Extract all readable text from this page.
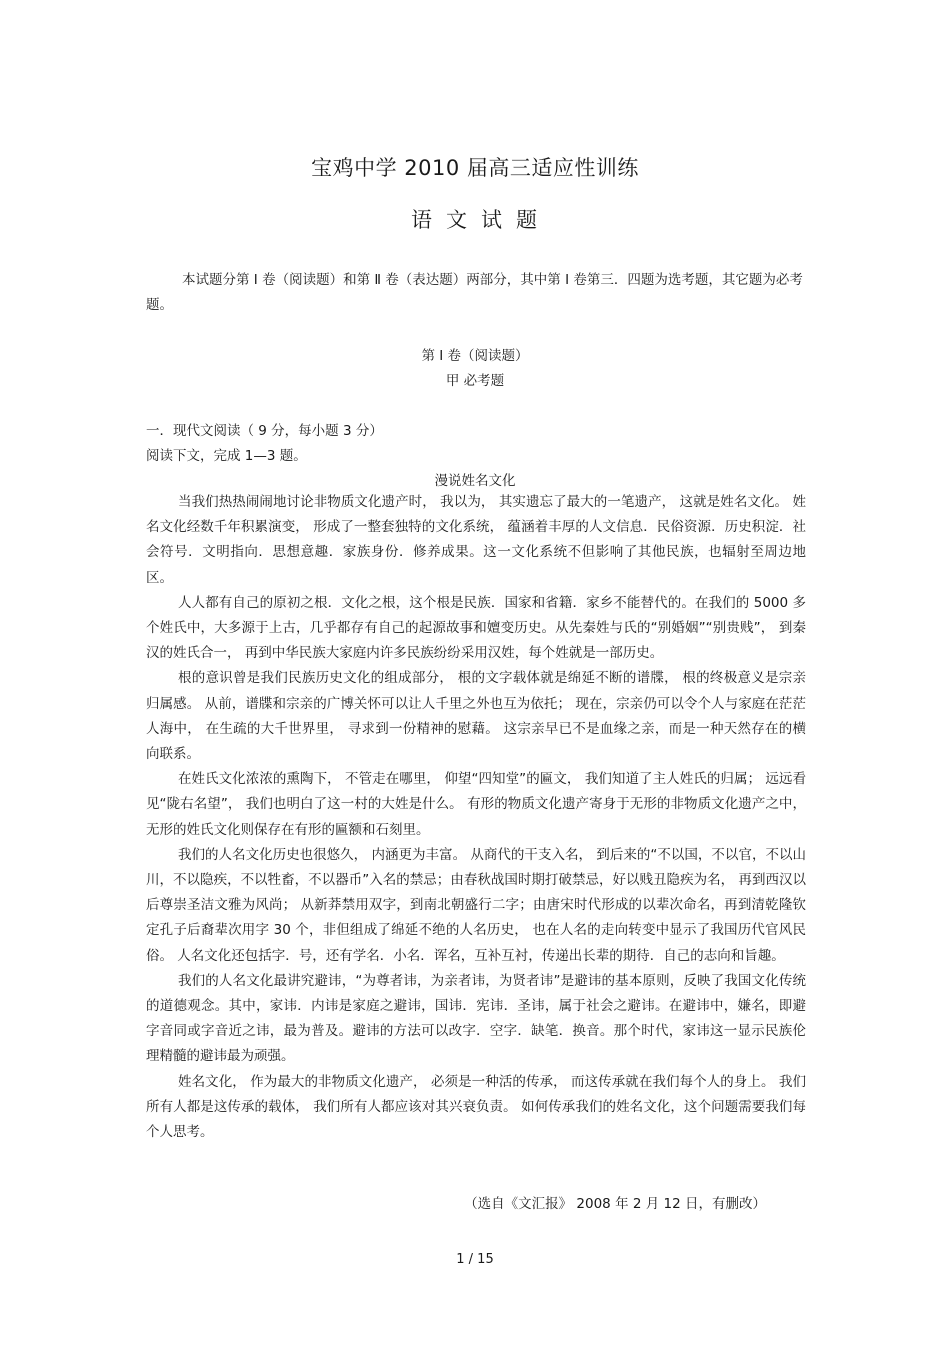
宝鸡中学 2010 届高三适应性训练
语文试题
本试题分第 Ⅰ 卷（阅读题）和第 Ⅱ 卷（表达题）两部分，其中第 Ⅰ 卷第三．四题为选考题，其它题为必考题。
第 Ⅰ 卷（阅读题）
甲 必考题
一．现代文阅读（ 9 分，每小题 3 分）
阅读下文，完成 1—3 题。
漫说姓名文化

当我们热热闹闹地讨论非物质文化遗产时， 我以为， 其实遗忘了最大的一笔遗产， 这就是姓名文化。 姓名文化经数千年积累演变， 形成了一整套独特的文化系统， 蕴涵着丰厚的人文信息．民俗资源．历史积淀．社会符号．文明指向．思想意趣．家族身份．修养成果。这一文化系统不但影响了其他民族，也辐射至周边地区。

人人都有自己的原初之根．文化之根，这个根是民族．国家和省籍．家乡不能替代的。在我们的 5000 多个姓氏中，大多源于上古，几乎都存有自己的起源故事和嬗变历史。从先秦姓与氏的“别婚姻”“别贵贱”， 到秦汉的姓氏合一， 再到中华民族大家庭内许多民族纷纷采用汉姓，每个姓就是一部历史。

根的意识曾是我们民族历史文化的组成部分， 根的文字载体就是绵延不断的谱牒， 根的终极意义是宗亲归属感。 从前，谱牒和宗亲的广博关怀可以让人千里之外也互为依托； 现在，宗亲仍可以令个人与家庭在茫茫人海中， 在生疏的大千世界里， 寻求到一份精神的慰藉。 这宗亲早已不是血缘之亲，而是一种天然存在的横向联系。

在姓氏文化浓浓的熏陶下， 不管走在哪里， 仰望“四知堂”的匾文， 我们知道了主人姓氏的归属； 远远看见“陇右名望”， 我们也明白了这一村的大姓是什么。 有形的物质文化遗产寄身于无形的非物质文化遗产之中，无形的姓氏文化则保存在有形的匾额和石刻里。

我们的人名文化历史也很悠久， 内涵更为丰富。 从商代的干支入名， 到后来的“不以国，不以官，不以山川，不以隐疾，不以牲畜，不以器币”入名的禁忌；由春秋战国时期打破禁忌，好以贱丑隐疾为名， 再到西汉以后尊崇圣洁文雅为风尚； 从新莽禁用双字，到南北朝盛行二字；由唐宋时代形成的以辈次命名，再到清乾隆钦定孔子后裔辈次用字 30 个，非但组成了绵延不绝的人名历史， 也在人名的走向转变中显示了我国历代官风民俗。 人名文化还包括字．号，还有学名．小名．诨名，互补互衬，传递出长辈的期待．自己的志向和旨趣。

我们的人名文化最讲究避讳，“为尊者讳，为亲者讳，为贤者讳”是避讳的基本原则，反映了我国文化传统的道德观念。其中，家讳．内讳是家庭之避讳，国讳．宪讳．圣讳，属于社会之避讳。在避讳中，嫌名，即避字音同或字音近之讳，最为普及。避讳的方法可以改字．空字．缺笔．换音。那个时代，家讳这一显示民族伦理精髓的避讳最为顽强。

姓名文化， 作为最大的非物质文化遗产， 必须是一种活的传承， 而这传承就在我们每个人的身上。 我们所有人都是这传承的载体， 我们所有人都应该对其兴衰负责。 如何传承我们的姓名文化，这个问题需要我们每个人思考。

（选自《文汇报》 2008 年 2 月 12 日，有删改）
1 / 15
